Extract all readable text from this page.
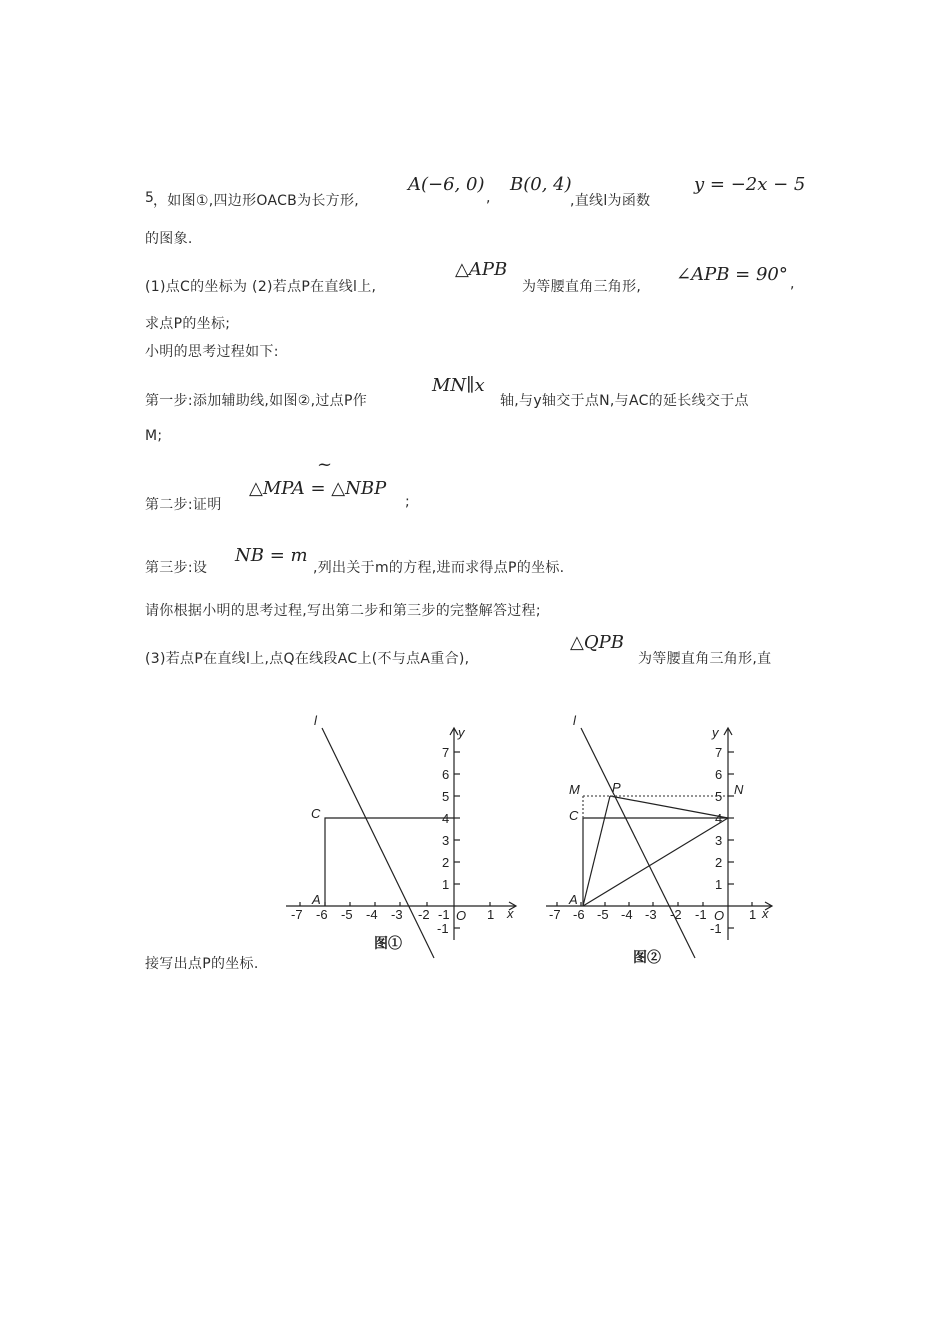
5
，如图①,四边形OACB为长方形,
A(−6, 0)
,
B(0, 4)
,直线l为函数
y = −2x − 5
的图象.
(1)点C的坐标为 (2)若点P在直线l上,
△APB
为等腰直角三角形,
∠APB = 90° ,
求点P的坐标;
小明的思考过程如下:
第一步:添加辅助线,如图②,过点P作
MN∥x
轴,与y轴交于点N,与AC的延长线交于点
M;
第二步:证明
~
△MPA = △NBP
;
第三步:设
NB = m
,列出关于m的方程,进而求得点P的坐标.
请你根据小明的思考过程,写出第二步和第三步的完整解答过程;
(3)若点P在直线l上,点Q在线段AC上(不与点A重合),
△QPB
为等腰直角三角形,直
接写出点P的坐标.
l
y
x
O
A
C
-7 -6 -5 -4 -3 -2 -1	1
1
2
3
4
5
6
7
-1
图①
l
y
x
O
A
C
M P	N
-7 -6 -5 -4 -3 -2 -1	1
1
2
3
4
5
6
7
-1
图②
